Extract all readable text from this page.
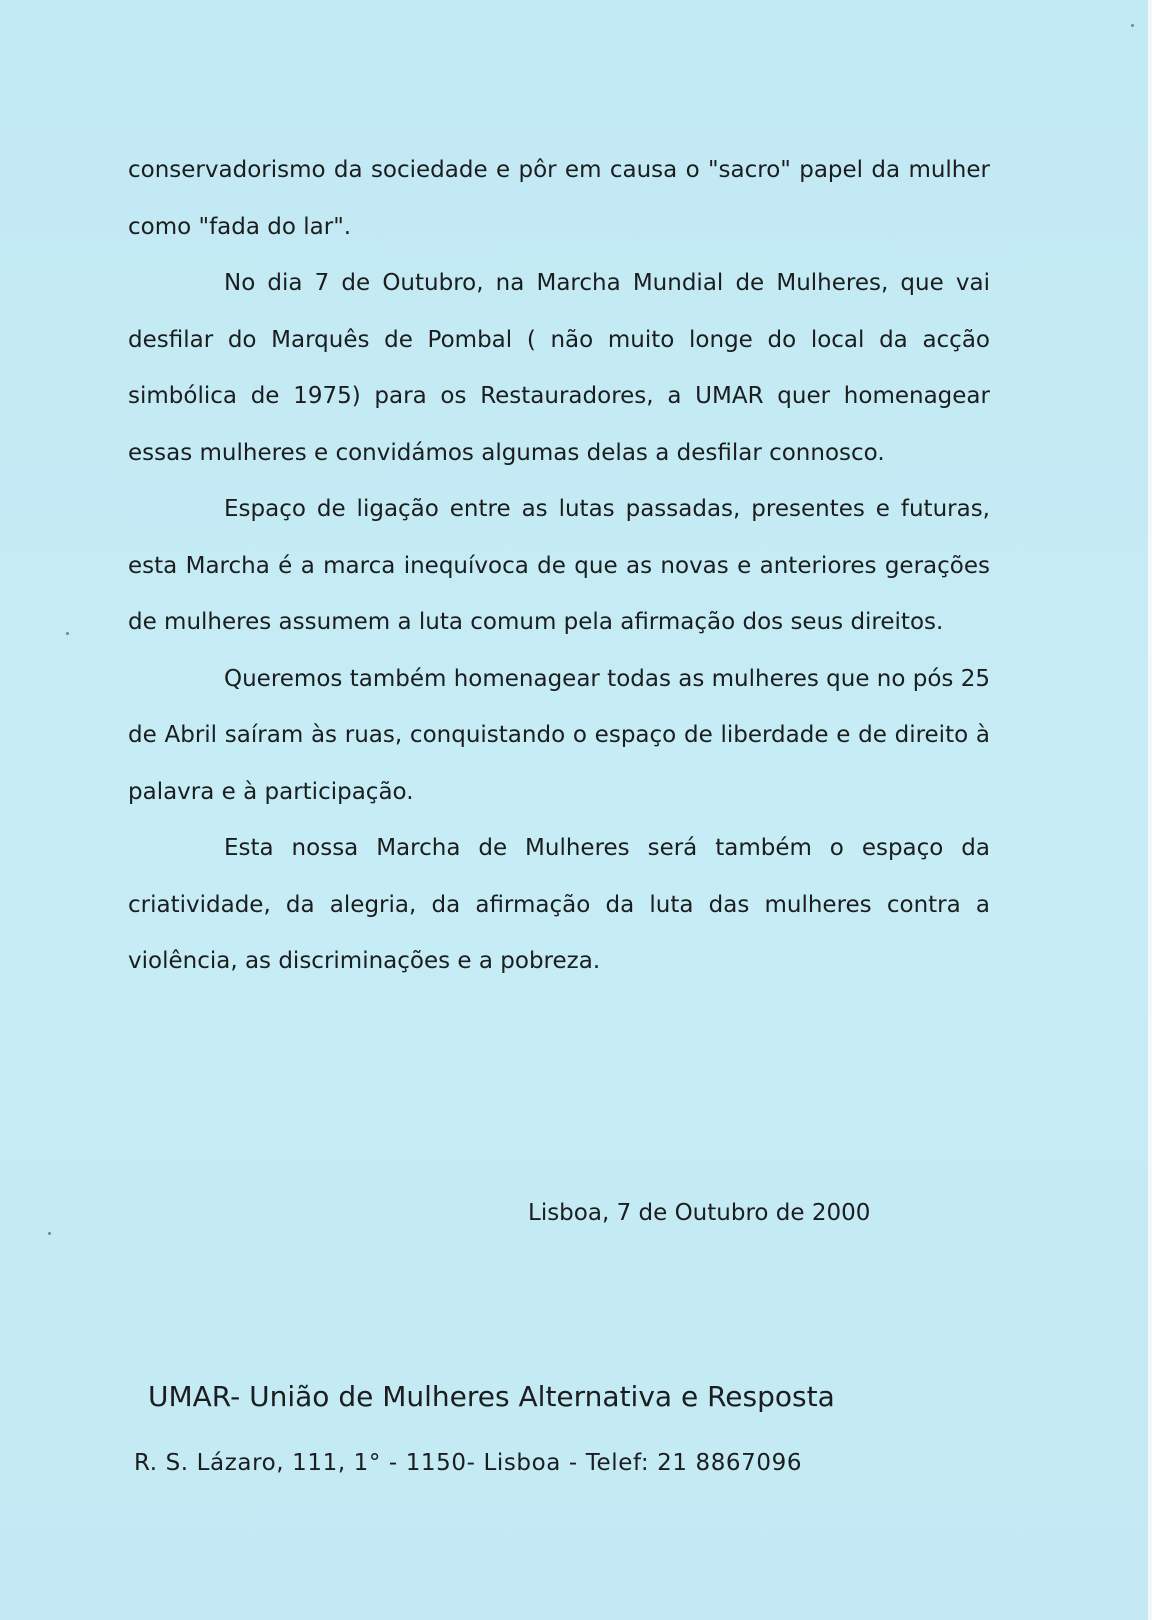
conservadorismo da sociedade e pôr em causa o "sacro" papel da mulher como "fada do lar".

No dia 7 de Outubro, na Marcha Mundial de Mulheres, que vai desfilar do Marquês de Pombal ( não muito longe do local da acção simbólica de 1975) para os Restauradores, a UMAR quer homenagear essas mulheres e convidámos algumas delas a desfilar connosco.

Espaço de ligação entre as lutas passadas, presentes e futuras, esta Marcha é a marca inequívoca de que as novas e anteriores gerações de mulheres assumem a luta comum pela afirmação dos seus direitos.

Queremos também homenagear todas as mulheres que no pós 25 de Abril saíram às ruas, conquistando o espaço de liberdade e de direito à palavra e à participação.

Esta nossa Marcha de Mulheres será também o espaço da criatividade, da alegria, da afirmação da luta das mulheres contra a violência, as discriminações e a pobreza.

Lisboa, 7 de Outubro de 2000
UMAR- União de Mulheres Alternativa e Resposta
R. S. Lázaro, 111, 1° - 1150- Lisboa - Telef: 21 8867096
